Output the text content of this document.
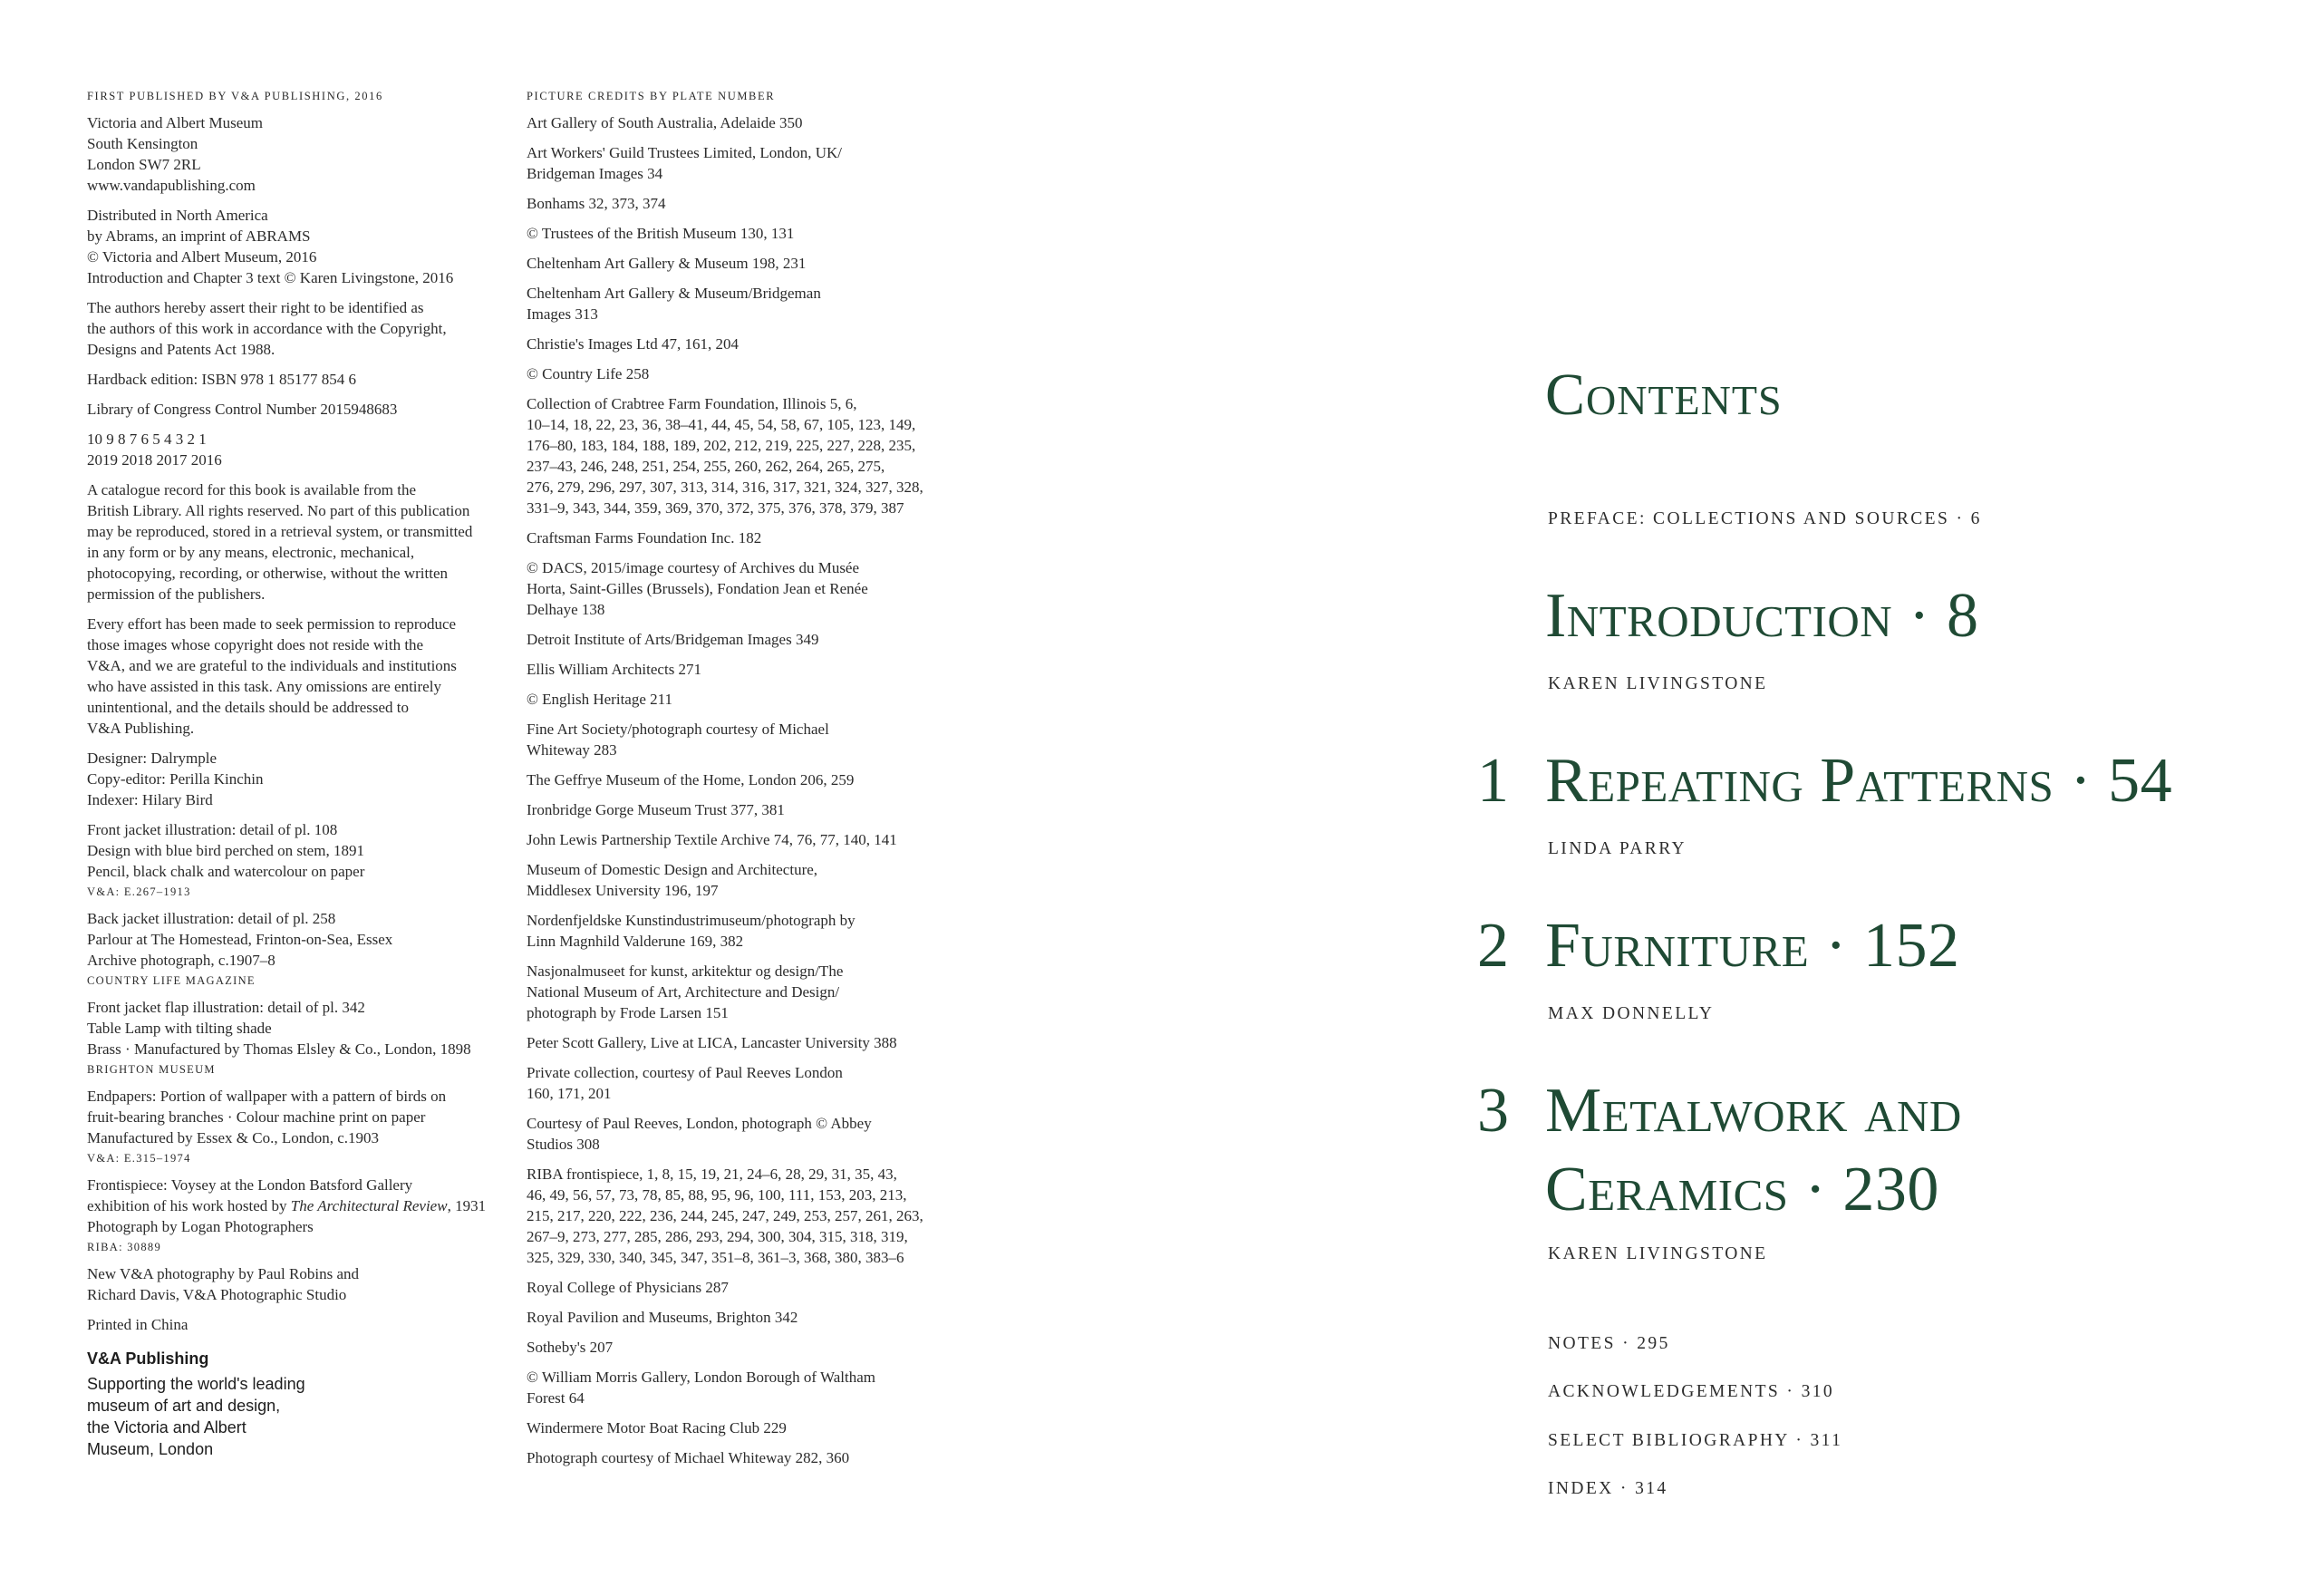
FIRST PUBLISHED BY V&A PUBLISHING, 2016
Victoria and Albert Museum
South Kensington
London SW7 2RL
www.vandapublishing.com
Distributed in North America
by Abrams, an imprint of ABRAMS
© Victoria and Albert Museum, 2016
Introduction and Chapter 3 text © Karen Livingstone, 2016
The authors hereby assert their right to be identified as
the authors of this work in accordance with the Copyright,
Designs and Patents Act 1988.
Hardback edition: ISBN 978 1 85177 854 6
Library of Congress Control Number 2015948683
10 9 8 7 6 5 4 3 2 1
2019 2018 2017 2016
A catalogue record for this book is available from the
British Library. All rights reserved. No part of this publication
may be reproduced, stored in a retrieval system, or transmitted
in any form or by any means, electronic, mechanical,
photocopying, recording, or otherwise, without the written
permission of the publishers.
Every effort has been made to seek permission to reproduce
those images whose copyright does not reside with the
V&A, and we are grateful to the individuals and institutions
who have assisted in this task. Any omissions are entirely
unintentional, and the details should be addressed to
V&A Publishing.
Designer: Dalrymple
Copy-editor: Perilla Kinchin
Indexer: Hilary Bird
Front jacket illustration: detail of pl. 108
Design with blue bird perched on stem, 1891
Pencil, black chalk and watercolour on paper
V&A: E.267–1913
Back jacket illustration: detail of pl. 258
Parlour at The Homestead, Frinton-on-Sea, Essex
Archive photograph, c.1907–8
COUNTRY LIFE MAGAZINE
Front jacket flap illustration: detail of pl. 342
Table Lamp with tilting shade
Brass · Manufactured by Thomas Elsley & Co., London, 1898
BRIGHTON MUSEUM
Endpapers: Portion of wallpaper with a pattern of birds on
fruit-bearing branches · Colour machine print on paper
Manufactured by Essex & Co., London, c.1903
V&A: E.315–1974
Frontispiece: Voysey at the London Batsford Gallery
exhibition of his work hosted by The Architectural Review, 1931
Photograph by Logan Photographers
RIBA: 30889
New V&A photography by Paul Robins and
Richard Davis, V&A Photographic Studio
Printed in China
V&A Publishing
Supporting the world's leading
museum of art and design,
the Victoria and Albert
Museum, London
PICTURE CREDITS BY PLATE NUMBER
Art Gallery of South Australia, Adelaide 350
Art Workers' Guild Trustees Limited, London, UK/
Bridgeman Images 34
Bonhams 32, 373, 374
© Trustees of the British Museum 130, 131
Cheltenham Art Gallery & Museum 198, 231
Cheltenham Art Gallery & Museum/Bridgeman
Images 313
Christie's Images Ltd 47, 161, 204
© Country Life 258
Collection of Crabtree Farm Foundation, Illinois 5, 6,
10–14, 18, 22, 23, 36, 38–41, 44, 45, 54, 58, 67, 105, 123, 149,
176–80, 183, 184, 188, 189, 202, 212, 219, 225, 227, 228, 235,
237–43, 246, 248, 251, 254, 255, 260, 262, 264, 265, 275,
276, 279, 296, 297, 307, 313, 314, 316, 317, 321, 324, 327, 328,
331–9, 343, 344, 359, 369, 370, 372, 375, 376, 378, 379, 387
Craftsman Farms Foundation Inc. 182
© DACS, 2015/image courtesy of Archives du Musée
Horta, Saint-Gilles (Brussels), Fondation Jean et Renée
Delhaye 138
Detroit Institute of Arts/Bridgeman Images 349
Ellis William Architects 271
© English Heritage 211
Fine Art Society/photograph courtesy of Michael
Whiteway 283
The Geffrye Museum of the Home, London 206, 259
Ironbridge Gorge Museum Trust 377, 381
John Lewis Partnership Textile Archive 74, 76, 77, 140, 141
Museum of Domestic Design and Architecture,
Middlesex University 196, 197
Nordenfjeldske Kunstindustrimuseum/photograph by
Linn Magnhild Valderune 169, 382
Nasjonalmuseet for kunst, arkitektur og design/The
National Museum of Art, Architecture and Design/
photograph by Frode Larsen 151
Peter Scott Gallery, Live at LICA, Lancaster University 388
Private collection, courtesy of Paul Reeves London
160, 171, 201
Courtesy of Paul Reeves, London, photograph © Abbey
Studios 308
RIBA frontispiece, 1, 8, 15, 19, 21, 24–6, 28, 29, 31, 35, 43,
46, 49, 56, 57, 73, 78, 85, 88, 95, 96, 100, 111, 153, 203, 213,
215, 217, 220, 222, 236, 244, 245, 247, 249, 253, 257, 261, 263,
267–9, 273, 277, 285, 286, 293, 294, 300, 304, 315, 318, 319,
325, 329, 330, 340, 345, 347, 351–8, 361–3, 368, 380, 383–6
Royal College of Physicians 287
Royal Pavilion and Museums, Brighton 342
Sotheby's 207
© William Morris Gallery, London Borough of Waltham
Forest 64
Windermere Motor Boat Racing Club 229
Photograph courtesy of Michael Whiteway 282, 360
Contents
PREFACE: COLLECTIONS AND SOURCES · 6
Introduction · 8
KAREN LIVINGSTONE
1 Repeating Patterns · 54
LINDA PARRY
2 Furniture · 152
MAX DONNELLY
3 Metalwork and
Ceramics · 230
KAREN LIVINGSTONE
NOTES · 295
ACKNOWLEDGEMENTS · 310
SELECT BIBLIOGRAPHY · 311
INDEX · 314
